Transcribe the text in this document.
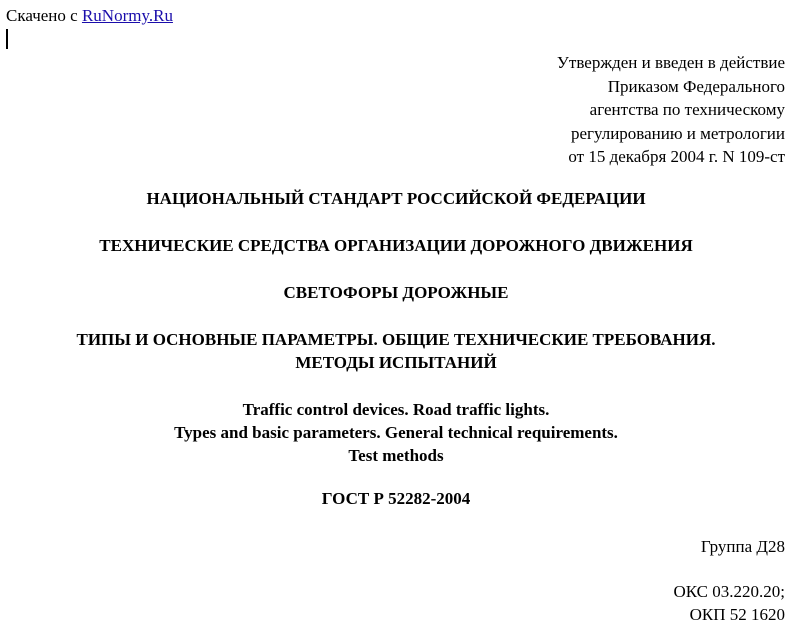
Скачено с RuNormy.Ru
Утвержден и введен в действие
Приказом Федерального
агентства по техническому
регулированию и метрологии
от 15 декабря 2004 г. N 109-ст
НАЦИОНАЛЬНЫЙ СТАНДАРТ РОССИЙСКОЙ ФЕДЕРАЦИИ
ТЕХНИЧЕСКИЕ СРЕДСТВА ОРГАНИЗАЦИИ ДОРОЖНОГО ДВИЖЕНИЯ
СВЕТОФОРЫ ДОРОЖНЫЕ
ТИПЫ И ОСНОВНЫЕ ПАРАМЕТРЫ. ОБЩИЕ ТЕХНИЧЕСКИЕ ТРЕБОВАНИЯ.
МЕТОДЫ ИСПЫТАНИЙ
Traffic control devices. Road traffic lights.
Types and basic parameters. General technical requirements.
Test methods
ГОСТ Р 52282-2004
Группа Д28
ОКС 03.220.20;
ОКП 52 1620
